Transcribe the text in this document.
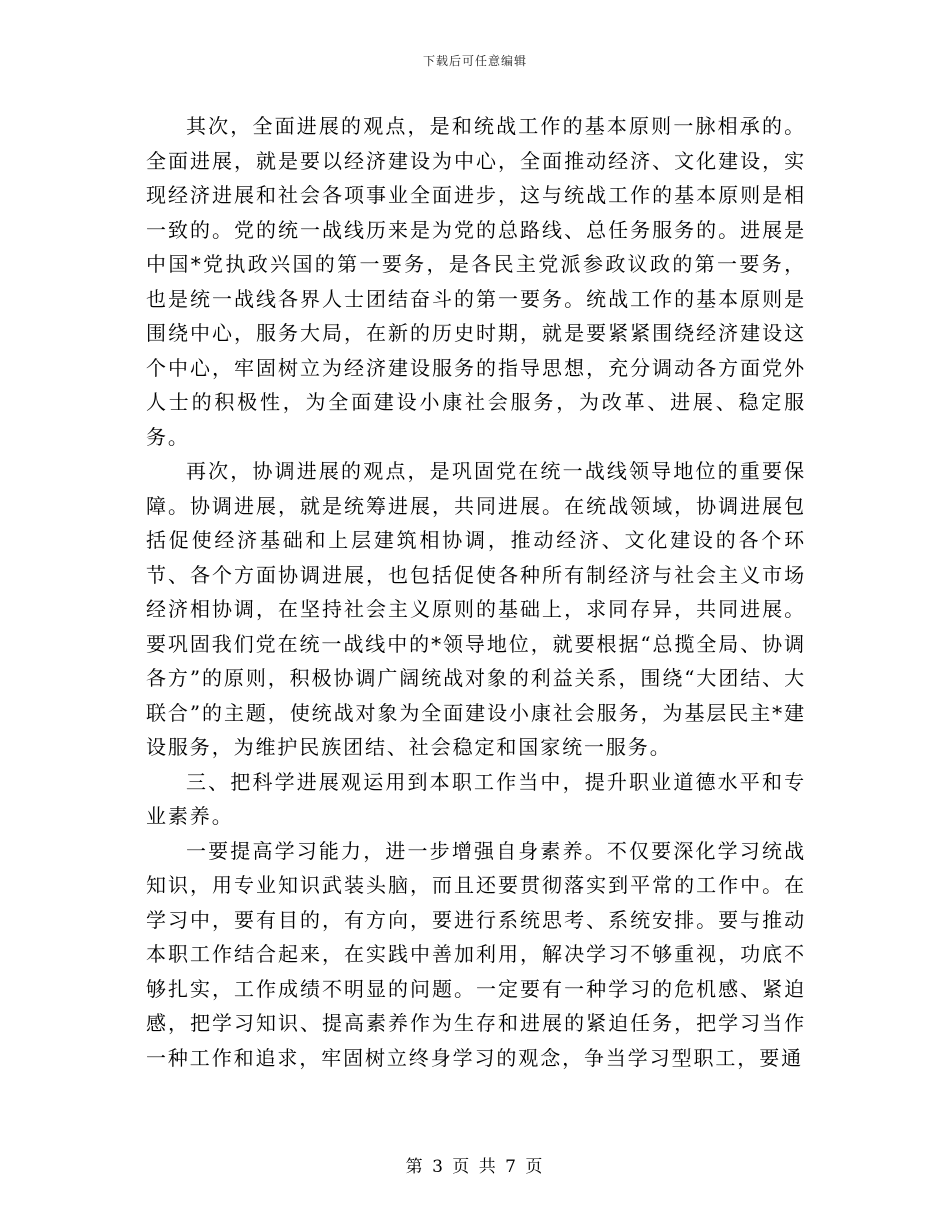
下载后可任意编辑

其次，全面进展的观点，是和统战工作的基本原则一脉相承的。全面进展，就是要以经济建设为中心，全面推动经济、文化建设，实现经济进展和社会各项事业全面进步，这与统战工作的基本原则是相一致的。党的统一战线历来是为党的总路线、总任务服务的。进展是中国*党执政兴国的第一要务，是各民主党派参政议政的第一要务，也是统一战线各界人士团结奋斗的第一要务。统战工作的基本原则是围绕中心，服务大局，在新的历史时期，就是要紧紧围绕经济建设这个中心，牢固树立为经济建设服务的指导思想，充分调动各方面党外人士的积极性，为全面建设小康社会服务，为改革、进展、稳定服务。

再次，协调进展的观点，是巩固党在统一战线领导地位的重要保障。协调进展，就是统筹进展，共同进展。在统战领域，协调进展包括促使经济基础和上层建筑相协调，推动经济、文化建设的各个环节、各个方面协调进展，也包括促使各种所有制经济与社会主义市场经济相协调，在坚持社会主义原则的基础上，求同存异，共同进展。要巩固我们党在统一战线中的*领导地位，就要根据“总揽全局、协调各方”的原则，积极协调广阔统战对象的利益关系，围绕“大团结、大联合”的主题，使统战对象为全面建设小康社会服务，为基层民主*建设服务，为维护民族团结、社会稳定和国家统一服务。

三、把科学进展观运用到本职工作当中，提升职业道德水平和专业素养。

一要提高学习能力，进一步增强自身素养。不仅要深化学习统战知识，用专业知识武装头脑，而且还要贯彻落实到平常的工作中。在学习中，要有目的，有方向，要进行系统思考、系统安排。要与推动本职工作结合起来，在实践中善加利用，解决学习不够重视，功底不够扎实，工作成绩不明显的问题。一定要有一种学习的危机感、紧迫感，把学习知识、提高素养作为生存和进展的紧迫任务，把学习当作一种工作和追求，牢固树立终身学习的观念，争当学习型职工，要通

第 3 页 共 7 页
